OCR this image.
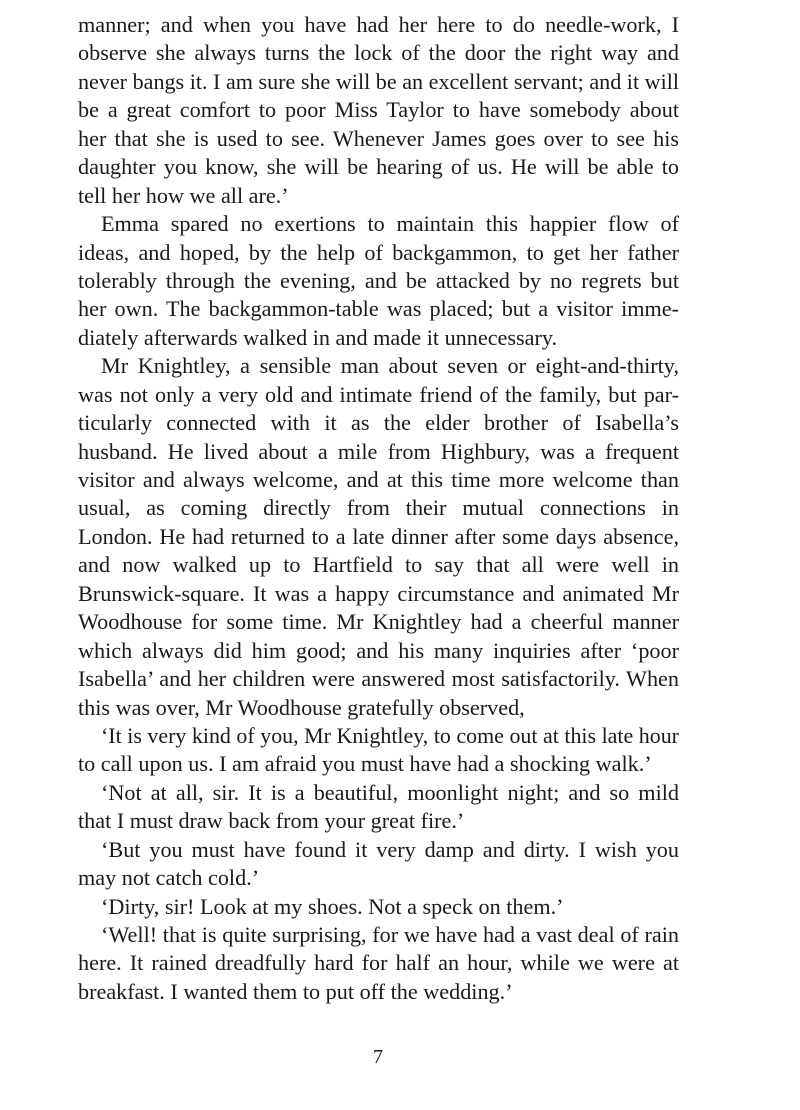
manner; and when you have had her here to do needle-work, I
observe she always turns the lock of the door the right way and
never bangs it. I am sure she will be an excellent servant; and it will
be a great comfort to poor Miss Taylor to have somebody about
her that she is used to see. Whenever James goes over to see his
daughter you know, she will be hearing of us. He will be able to
tell her how we all are.’
Emma spared no exertions to maintain this happier flow of
ideas, and hoped, by the help of backgammon, to get her father
tolerably through the evening, and be attacked by no regrets but
her own. The backgammon-table was placed; but a visitor imme-
diately afterwards walked in and made it unnecessary.
Mr Knightley, a sensible man about seven or eight-and-thirty,
was not only a very old and intimate friend of the family, but par-
ticularly connected with it as the elder brother of Isabella’s
husband. He lived about a mile from Highbury, was a frequent
visitor and always welcome, and at this time more welcome than
usual, as coming directly from their mutual connections in
London. He had returned to a late dinner after some days absence,
and now walked up to Hartfield to say that all were well in
Brunswick-square. It was a happy circumstance and animated Mr
Woodhouse for some time. Mr Knightley had a cheerful manner
which always did him good; and his many inquiries after ‘poor
Isabella’ and her children were answered most satisfactorily. When
this was over, Mr Woodhouse gratefully observed,
‘It is very kind of you, Mr Knightley, to come out at this late hour
to call upon us. I am afraid you must have had a shocking walk.’
‘Not at all, sir. It is a beautiful, moonlight night; and so mild
that I must draw back from your great fire.’
‘But you must have found it very damp and dirty. I wish you
may not catch cold.’
‘Dirty, sir! Look at my shoes. Not a speck on them.’
‘Well! that is quite surprising, for we have had a vast deal of rain
here. It rained dreadfully hard for half an hour, while we were at
breakfast. I wanted them to put off the wedding.’
7
